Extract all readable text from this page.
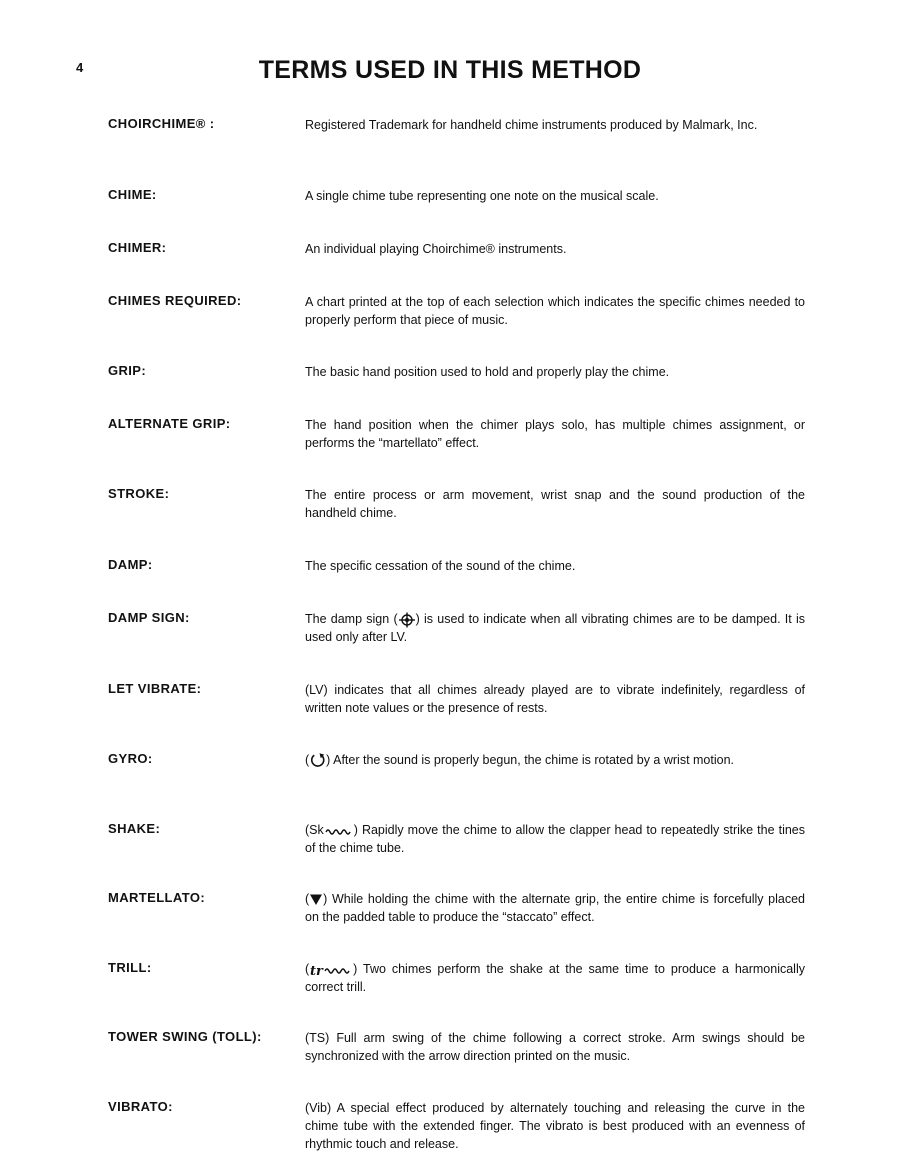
4	TERMS USED IN THIS METHOD
CHOIRCHIME® :	Registered Trademark for handheld chime instruments produced by Malmark, Inc.
CHIME:	A single chime tube representing one note on the musical scale.
CHIMER:	An individual playing Choirchime® instruments.
CHIMES REQUIRED:	A chart printed at the top of each selection which indicates the specific chimes needed to properly perform that piece of music.
GRIP:	The basic hand position used to hold and properly play the chime.
ALTERNATE GRIP:	The hand position when the chimer plays solo, has multiple chimes assignment, or performs the “martellato” effect.
STROKE:	The entire process or arm movement, wrist snap and the sound production of the handheld chime.
DAMP:	The specific cessation of the sound of the chime.
DAMP SIGN:	The damp sign ( ) is used to indicate when all vibrating chimes are to be damped. It is used only after LV.
LET VIBRATE:	(LV) indicates that all chimes already played are to vibrate indefinitely, regardless of written note values or the presence of rests.
GYRO:	( ) After the sound is properly begun, the chime is rotated by a wrist motion.
SHAKE:	(Sk ) Rapidly move the chime to allow the clapper head to repeatedly strike the tines of the chime tube.
MARTELLATO:	( ) While holding the chime with the alternate grip, the entire chime is forcefully placed on the padded table to produce the “staccato” effect.
TRILL:	( tr ) Two chimes perform the shake at the same time to produce a harmonically correct trill.
TOWER SWING (TOLL):	(TS) Full arm swing of the chime following a correct stroke. Arm swings should be synchronized with the arrow direction printed on the music.
VIBRATO:	(Vib) A special effect produced by alternately touching and releasing the curve in the chime tube with the extended finger. The vibrato is best produced with an evenness of rhythmic touch and release.
